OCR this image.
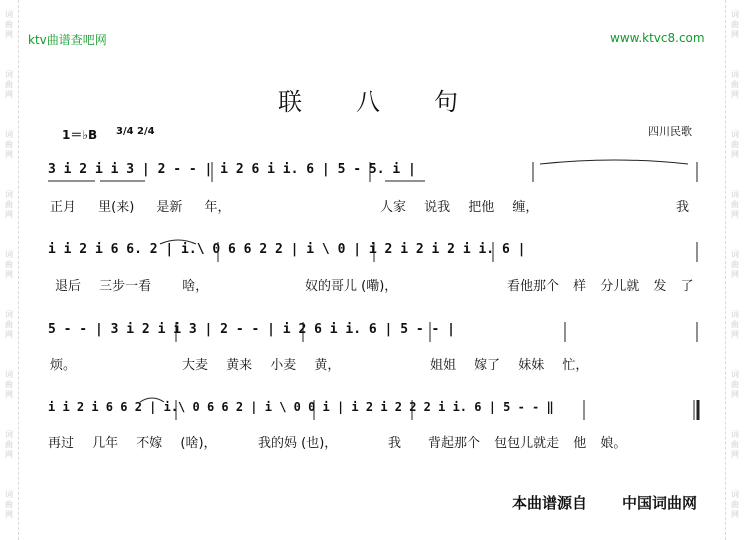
词
曲
网
词
曲
网
词
曲
网
词
曲
网
词
曲
网
词
曲
网
词
曲
网
词
曲
网
词
曲
网
词
曲
网
词
曲
网
词
曲
网
词
曲
网
词
曲
网
词
曲
网
词
曲
网
词
曲
网
词
曲
网
ktv曲谱查吧网	www.ktvc8.com
联　　八　　句
1＝♭B 3/4 2/4	四川民歌
3 i 2 i i 3 | 2 - - | i 2 6 i i. 6 | 5 - 5. i |
正月 里(来) 是新 年，	人家 说我 把他 缠，	我
i i 2 i 6 6. 2 | i.\ 0 6 6 2 2 | i \ 0 | i 2 i 2 i 2 i i. 6 |
退后 三步一看　 啥，	奴的哥儿 (嘞)，	看他那个 样 分儿就 发 了
5 - - | 3 i 2 i i 3 | 2 - - | i 2 6 i i. 6 | 5 - - |
烦。	大麦 黄来 小麦 黄，	姐姐 嫁了 妹妹 忙，
i i 2 i 6 6 2 | i.\ 0 6 6 2 | i \ 0 0 i | i 2 i 2 2 2 i i. 6 | 5 - - ‖
再过 几年 不嫁 (啥)，	我的妈 (也)，	我 背起那个 包包儿就走 他 娘。
本曲谱源自 中国词曲网
